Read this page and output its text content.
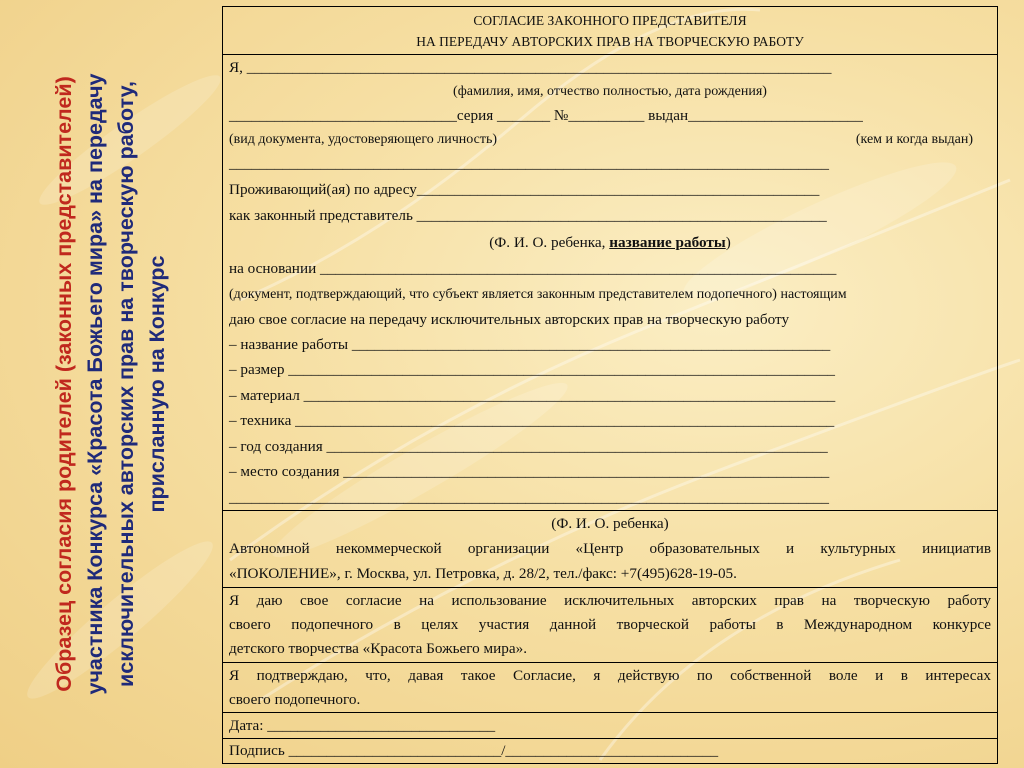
Образец согласия родителей (законных представителей) участника Конкурса «Красота Божьего мира» на передачу исключительных авторских прав на творческую работу, присланную на Конкурс
СОГЛАСИЕ ЗАКОННОГО ПРЕДСТАВИТЕЛЯ
НА ПЕРЕДАЧУ АВТОРСКИХ ПРАВ НА ТВОРЧЕСКУЮ РАБОТУ
Я, _____________________________________________________________________________
(фамилия, имя, отчество полностью, дата рождения)
______________________________серия _______ №__________ выдан_______________________
(вид документа, удостоверяющего личность)	(кем и когда выдан)
_______________________________________________________________________________
Проживающий(ая) по адресу_____________________________________________________
как законный представитель ______________________________________________________
(Ф. И. О. ребенка, название работы)
на основании ____________________________________________________________________
(документ, подтверждающий, что субъект является законным представителем подопечного) настоящим
даю свое согласие на передачу исключительных авторских прав на творческую работу
– название работы _______________________________________________________________
– размер ________________________________________________________________________
– материал ______________________________________________________________________
– техника _______________________________________________________________________
– год создания __________________________________________________________________
– место создания ________________________________________________________________
_______________________________________________________________________________
(Ф. И. О. ребенка)
Автономной некоммерческой организации «Центр образовательных и культурных инициатив
«ПОКОЛЕНИЕ», г. Москва, ул. Петровка, д. 28/2, тел./факс: +7(495)628-19-05.
Я даю свое согласие на использование исключительных авторских прав на творческую работу
своего подопечного в целях участия данной творческой работы в Международном конкурсе
детского творчества «Красота Божьего мира».
Я подтверждаю, что, давая такое Согласие, я действую по собственной воле и в интересах
своего подопечного.
Дата: ______________________________
Подпись ____________________________/____________________________
